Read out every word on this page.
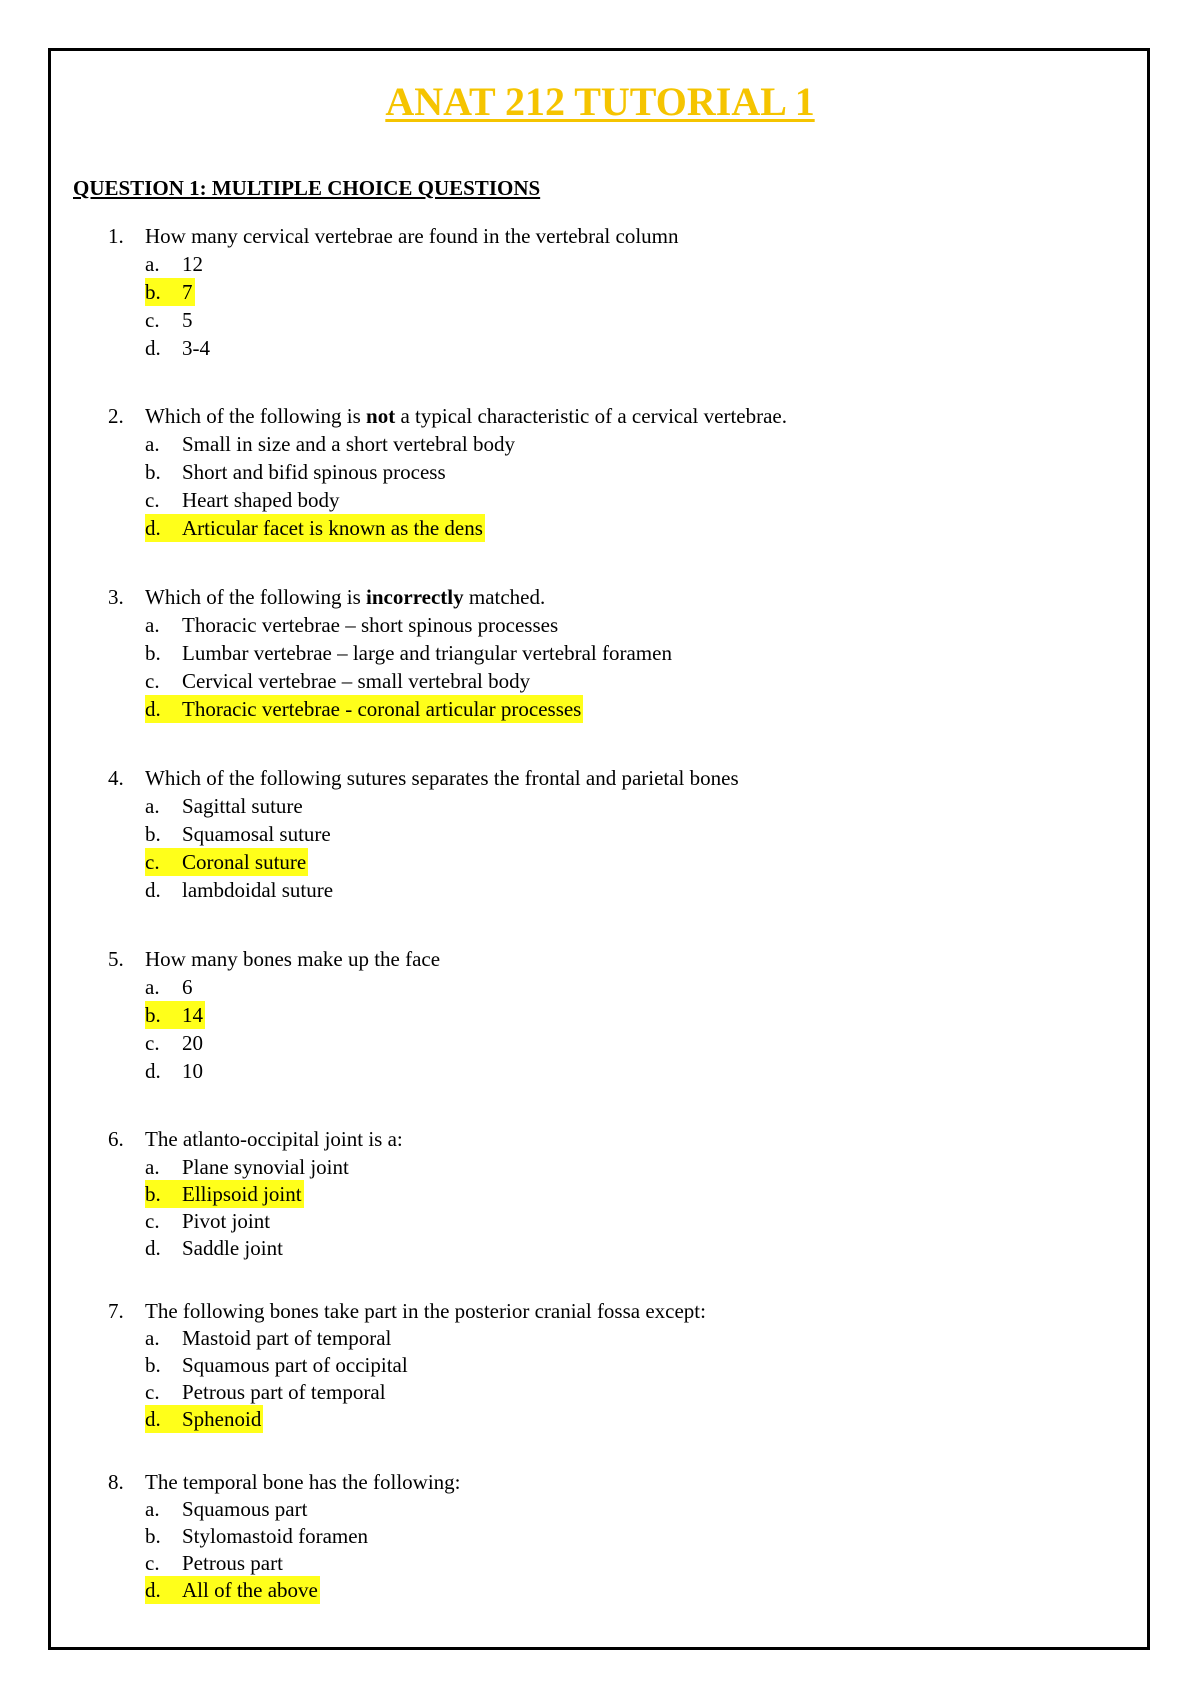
ANAT 212 TUTORIAL 1
QUESTION 1: MULTIPLE CHOICE QUESTIONS
1. How many cervical vertebrae are found in the vertebral column
a. 12
b. 7
c. 5
d. 3-4
2. Which of the following is not a typical characteristic of a cervical vertebrae.
a. Small in size and a short vertebral body
b. Short and bifid spinous process
c. Heart shaped body
d. Articular facet is known as the dens
3. Which of the following is incorrectly matched.
a. Thoracic vertebrae – short spinous processes
b. Lumbar vertebrae – large and triangular vertebral foramen
c. Cervical vertebrae – small vertebral body
d. Thoracic vertebrae - coronal articular processes
4. Which of the following sutures separates the frontal and parietal bones
a. Sagittal suture
b. Squamosal suture
c. Coronal suture
d. lambdoidal suture
5. How many bones make up the face
a. 6
b. 14
c. 20
d. 10
6. The atlanto-occipital joint is a:
a. Plane synovial joint
b. Ellipsoid joint
c. Pivot joint
d. Saddle joint
7. The following bones take part in the posterior cranial fossa except:
a. Mastoid part of temporal
b. Squamous part of occipital
c. Petrous part of temporal
d. Sphenoid
8. The temporal bone has the following:
a. Squamous part
b. Stylomastoid foramen
c. Petrous part
d. All of the above
